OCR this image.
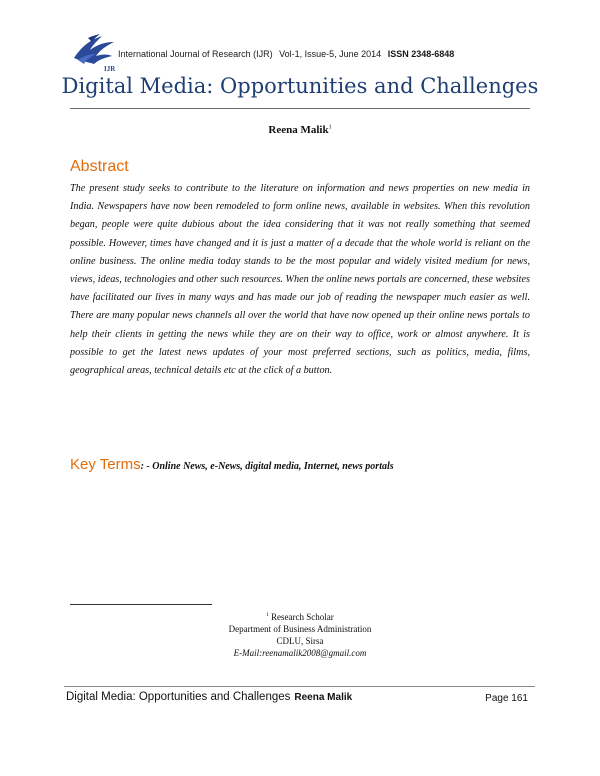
IJR
International Journal of Research (IJR) Vol-1, Issue-5, June 2014 ISSN 2348-6848
Digital Media: Opportunities and Challenges
Reena Malik$^1$
Abstract
The present study seeks to contribute to the literature on information and news properties on new media in India. Newspapers have now been remodeled to form online news, available in websites. When this revolution began, people were quite dubious about the idea considering that it was not really something that seemed possible. However, times have changed and it is just a matter of a decade that the whole world is reliant on the online business. The online media today stands to be the most popular and widely visited medium for news, views, ideas, technologies and other such resources. When the online news portals are concerned, these websites have facilitated our lives in many ways and has made our job of reading the newspaper much easier as well. There are many popular news channels all over the world that have now opened up their online news portals to help their clients in getting the news while they are on their way to office, work or almost anywhere. It is possible to get the latest news updates of your most preferred sections, such as politics, media, films, geographical areas, technical details etc at the click of a button.
Key Terms: - Online News, e-News, digital media, Internet, news portals
$^1$ Research Scholar
Department of Business Administration
CDLU, Sirsa
E-Mail:reenamalik2008@gmail.com
Digital Media: Opportunities and Challenges Reena Malik	Page 161
